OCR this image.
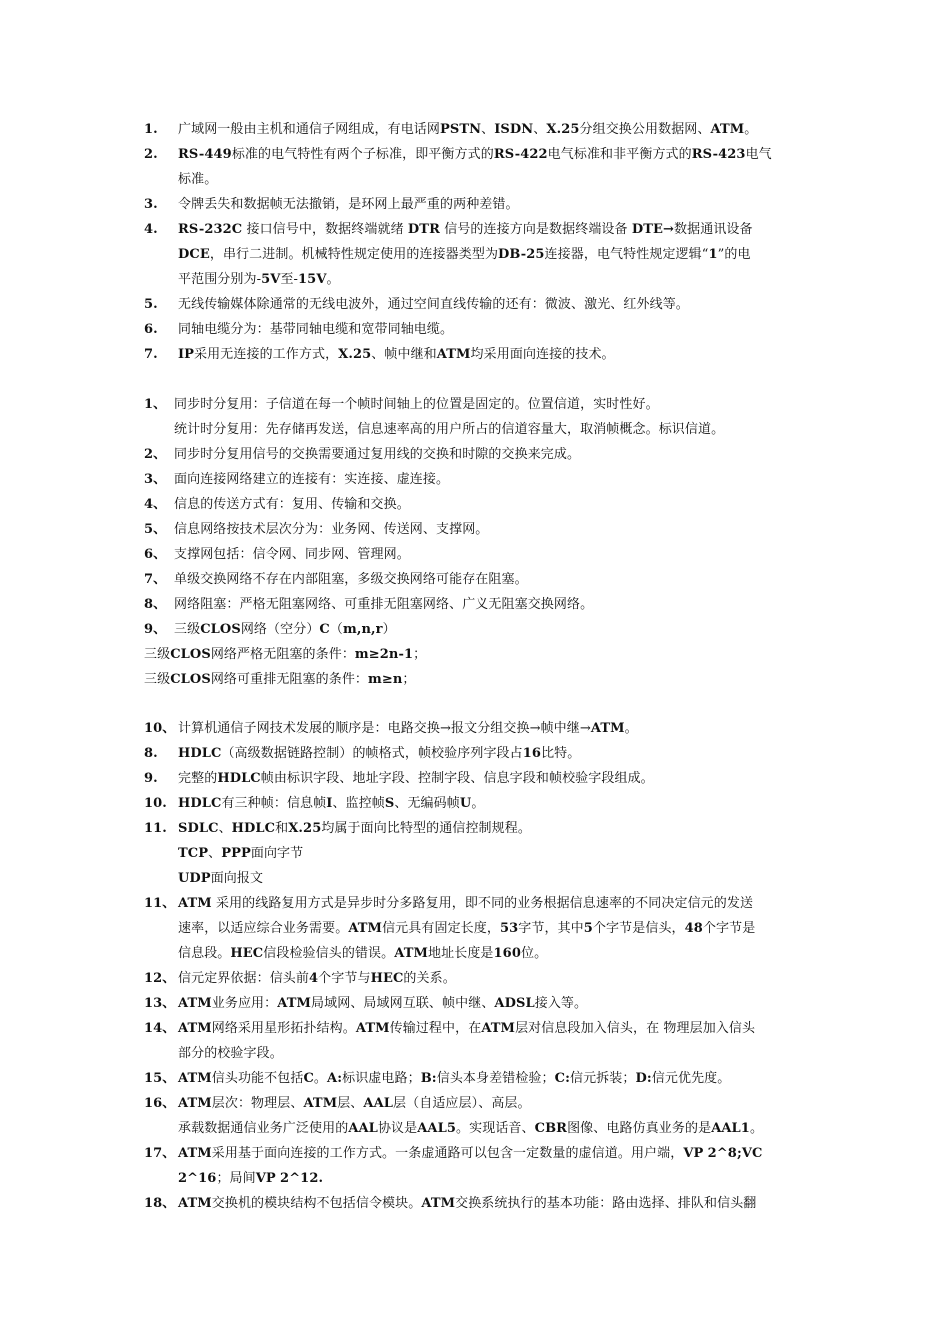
1. 广域网一般由主机和通信子网组成，有电话网PSTN、ISDN、X.25分组交换公用数据网、ATM。
2. RS-449标准的电气特性有两个子标准，即平衡方式的RS-422电气标准和非平衡方式的RS-423电气
标准。
3. 令牌丢失和数据帧无法撤销，是环网上最严重的两种差错。
4. RS-232C 接口信号中，数据终端就绪 DTR 信号的连接方向是数据终端设备 DTE→数据通讯设备
DCE，串行二进制。机械特性规定使用的连接器类型为DB-25连接器，电气特性规定逻辑“1”的电
平范围分别为-5V至-15V。
5. 无线传输媒体除通常的无线电波外，通过空间直线传输的还有：微波、激光、红外线等。
6. 同轴电缆分为：基带同轴电缆和宽带同轴电缆。
7. IP采用无连接的工作方式，X.25、帧中继和ATM均采用面向连接的技术。
1、 同步时分复用：子信道在每一个帧时间轴上的位置是固定的。位置信道，实时性好。
统计时分复用：先存储再发送，信息速率高的用户所占的信道容量大，取消帧概念。标识信道。
2、 同步时分复用信号的交换需要通过复用线的交换和时隙的交换来完成。
3、 面向连接网络建立的连接有：实连接、虚连接。
4、 信息的传送方式有：复用、传输和交换。
5、 信息网络按技术层次分为：业务网、传送网、支撑网。
6、 支撑网包括：信令网、同步网、管理网。
7、 单级交换网络不存在内部阻塞，多级交换网络可能存在阻塞。
8、 网络阻塞：严格无阻塞网络、可重排无阻塞网络、广义无阻塞交换网络。
9、 三级CLOS网络（空分）C（m,n,r）
三级CLOS网络严格无阻塞的条件：m≥2n-1；
三级CLOS网络可重排无阻塞的条件：m≥n；
10、 计算机通信子网技术发展的顺序是：电路交换→报文分组交换→帧中继→ATM。
8. HDLC（高级数据链路控制）的帧格式，帧校验序列字段占16比特。
9. 完整的HDLC帧由标识字段、地址字段、控制字段、信息字段和帧校验字段组成。
10. HDLC有三种帧：信息帧I、监控帧S、无编码帧U。
11. SDLC、HDLC和X.25均属于面向比特型的通信控制规程。
TCP、PPP面向字节
UDP面向报文
11、 ATM 采用的线路复用方式是异步时分多路复用，即不同的业务根据信息速率的不同决定信元的发送
速率，以适应综合业务需要。ATM信元具有固定长度，53字节，其中5个字节是信头，48个字节是
信息段。HEC信段检验信头的错误。ATM地址长度是160位。
12、 信元定界依据：信头前4个字节与HEC的关系。
13、 ATM业务应用：ATM局域网、局域网互联、帧中继、ADSL接入等。
14、 ATM网络采用星形拓扑结构。ATM传输过程中，在ATM层对信息段加入信头，在 物理层加入信头
部分的校验字段。
15、 ATM信头功能不包括C。A:标识虚电路；B:信头本身差错检验；C:信元拆装；D:信元优先度。
16、 ATM层次：物理层、ATM层、AAL层（自适应层）、高层。
承载数据通信业务广泛使用的AAL协议是AAL5。实现话音、CBR图像、电路仿真业务的是AAL1。
17、 ATM采用基于面向连接的工作方式。一条虚通路可以包含一定数量的虚信道。用户端，VP 2^8;VC
2^16；局间VP 2^12.
18、 ATM交换机的模块结构不包括信令模块。ATM交换系统执行的基本功能：路由选择、排队和信头翻
